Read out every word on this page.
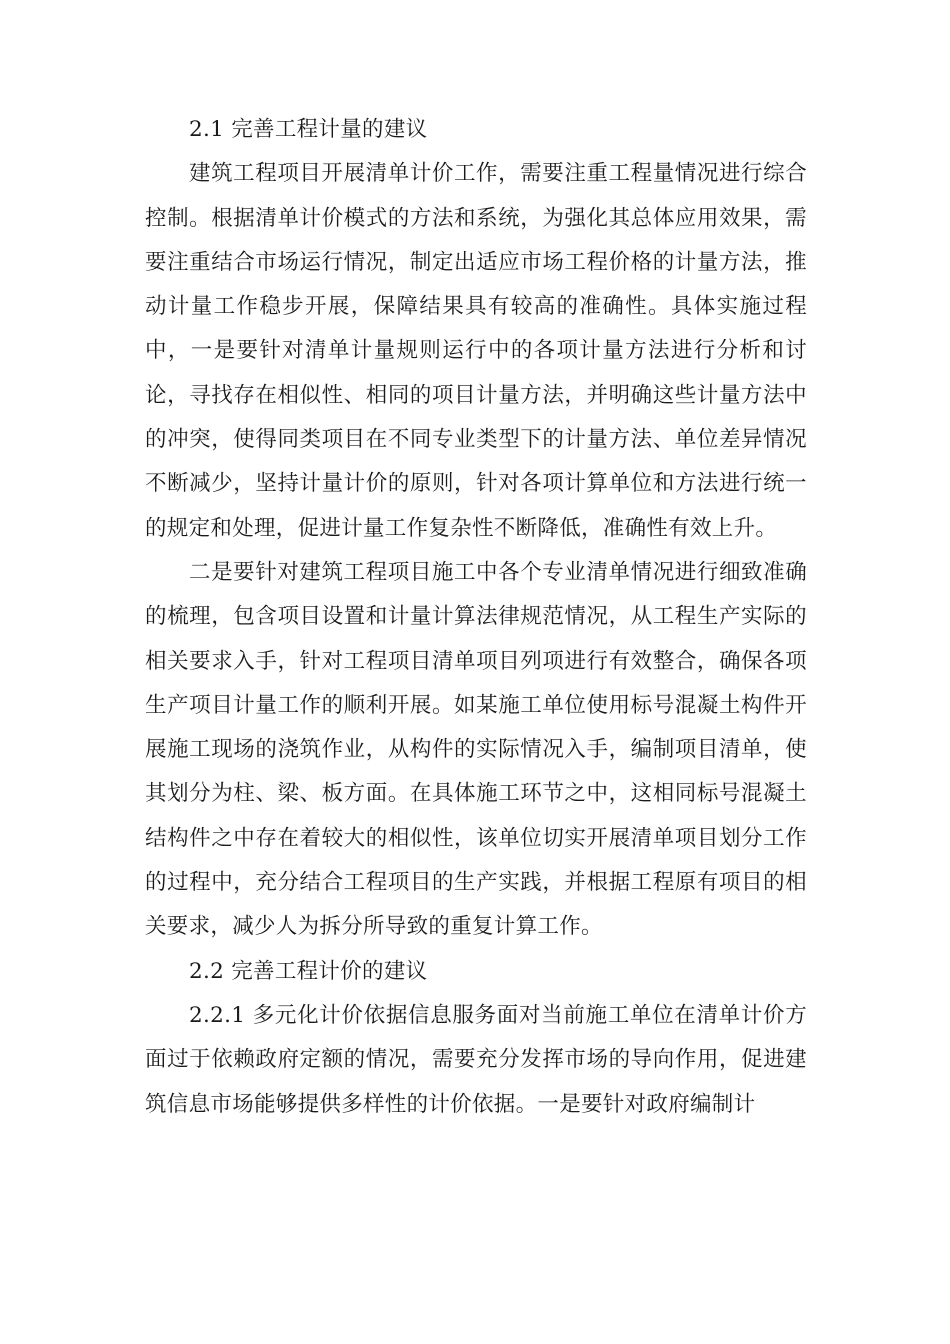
2.1 完善工程计量的建议

建筑工程项目开展清单计价工作，需要注重工程量情况进行综合控制。根据清单计价模式的方法和系统，为强化其总体应用效果，需要注重结合市场运行情况，制定出适应市场工程价格的计量方法，推动计量工作稳步开展，保障结果具有较高的准确性。具体实施过程中，一是要针对清单计量规则运行中的各项计量方法进行分析和讨论，寻找存在相似性、相同的项目计量方法，并明确这些计量方法中的冲突，使得同类项目在不同专业类型下的计量方法、单位差异情况不断减少，坚持计量计价的原则，针对各项计算单位和方法进行统一的规定和处理，促进计量工作复杂性不断降低，准确性有效上升。

二是要针对建筑工程项目施工中各个专业清单情况进行细致准确的梳理，包含项目设置和计量计算法律规范情况，从工程生产实际的相关要求入手，针对工程项目清单项目列项进行有效整合，确保各项生产项目计量工作的顺利开展。如某施工单位使用标号混凝土构件开展施工现场的浇筑作业，从构件的实际情况入手，编制项目清单，使其划分为柱、梁、板方面。在具体施工环节之中，这相同标号混凝土结构件之中存在着较大的相似性，该单位切实开展清单项目划分工作的过程中，充分结合工程项目的生产实践，并根据工程原有项目的相关要求，减少人为拆分所导致的重复计算工作。

2.2 完善工程计价的建议

2.2.1 多元化计价依据信息服务面对当前施工单位在清单计价方面过于依赖政府定额的情况，需要充分发挥市场的导向作用，促进建筑信息市场能够提供多样性的计价依据。一是要针对政府编制计
